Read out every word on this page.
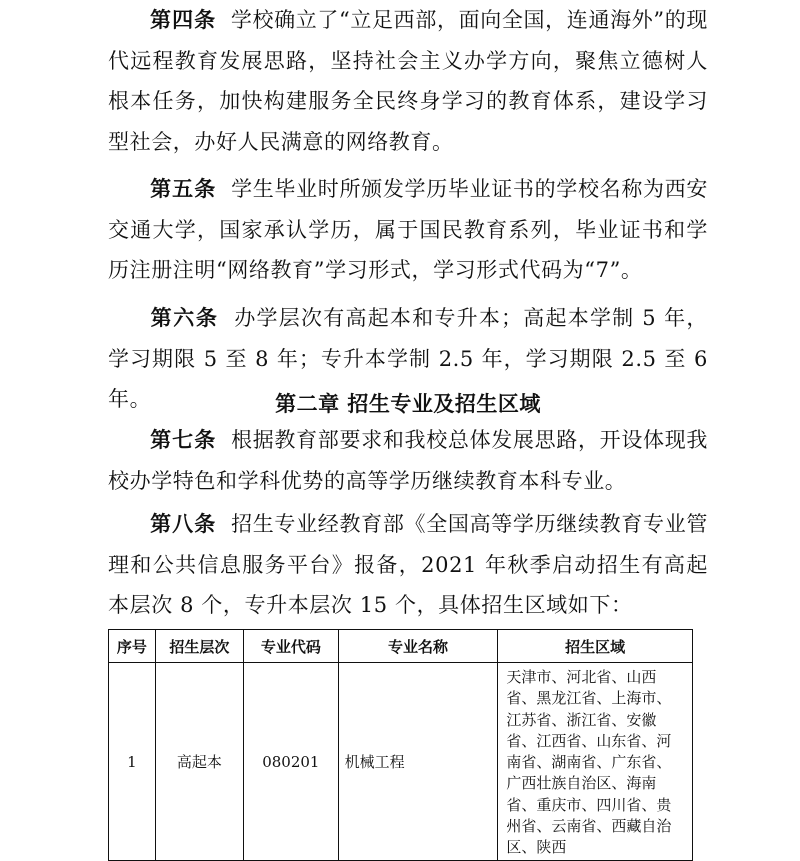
第四条 学校确立了“立足西部，面向全国，连通海外”的现代远程教育发展思路，坚持社会主义办学方向，聚焦立德树人根本任务，加快构建服务全民终身学习的教育体系，建设学习型社会，办好人民满意的网络教育。

第五条 学生毕业时所颁发学历毕业证书的学校名称为西安交通大学，国家承认学历，属于国民教育系列，毕业证书和学历注册注明“网络教育”学习形式，学习形式代码为“7”。

第六条 办学层次有高起本和专升本；高起本学制 5 年，学习期限 5 至 8 年；专升本学制 2.5 年，学习期限 2.5 至 6 年。	第二章 招生专业及招生区域

第七条 根据教育部要求和我校总体发展思路，开设体现我校办学特色和学科优势的高等学历继续教育本科专业。

第八条 招生专业经教育部《全国高等学历继续教育专业管理和公共信息服务平台》报备，2021 年秋季启动招生有高起本层次 8 个，专升本层次 15 个，具体招生区域如下：

序号	招生层次	专业代码	专业名称	招生区域
1	高起本	080201	机械工程	天津市、河北省、山西省、黑龙江省、上海市、江苏省、浙江省、安徽省、江西省、山东省、河南省、湖南省、广东省、广西壮族自治区、海南省、重庆市、四川省、贵州省、云南省、西藏自治区、陕西
